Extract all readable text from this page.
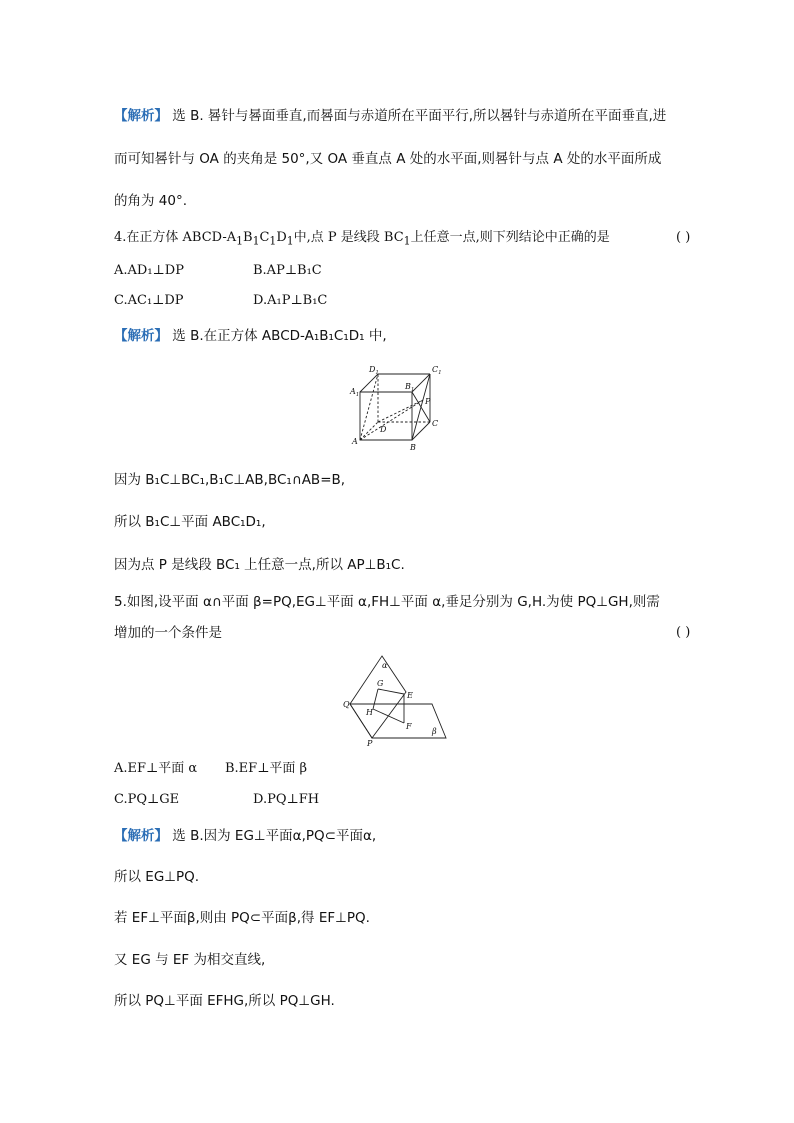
【解析】 选 B. 晷针与晷面垂直,而晷面与赤道所在平面平行,所以晷针与赤道所在平面垂直,进
而可知晷针与 OA 的夹角是 50°,又 OA 垂直点 A 处的水平面,则晷针与点 A 处的水平面所成
的角为 40°.
4.在正方体 ABCD-$A_1B_1C_1D_1$中,点 P 是线段 $BC_1$上任意一点,则下列结论中正确的是	( )
A.AD₁⊥DP	B.AP⊥B₁C
C.AC₁⊥DP	D.A₁P⊥B₁C
【解析】 选 B.在正方体 ABCD-A₁B₁C₁D₁ 中,
$D_1$	$C_1$
$A_1$
$B_1$
P
D
C
A
B
因为 B₁C⊥BC₁,B₁C⊥AB,BC₁∩AB=B,
所以 B₁C⊥平面 ABC₁D₁,
因为点 P 是线段 BC₁ 上任意一点,所以 AP⊥B₁C.
5.如图,设平面 α∩平面 β=PQ,EG⊥平面 α,FH⊥平面 α,垂足分别为 G,H.为使 PQ⊥GH,则需
增加的一个条件是	( )
α
G
E
Q
H
F
β
P
A.EF⊥平面 α B.EF⊥平面 β
C.PQ⊥GE	D.PQ⊥FH
【解析】 选 B.因为 EG⊥平面α,PQ⊂平面α,
所以 EG⊥PQ.
若 EF⊥平面β,则由 PQ⊂平面β,得 EF⊥PQ.
又 EG 与 EF 为相交直线,
所以 PQ⊥平面 EFHG,所以 PQ⊥GH.
